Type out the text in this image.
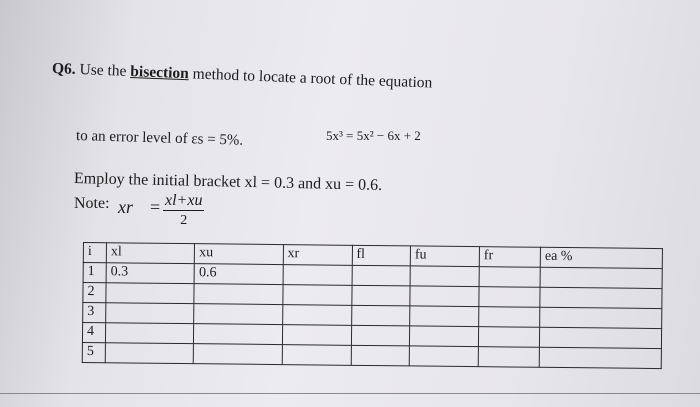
Q6. Use the bisection method to locate a root of the equation
to an error level of εs = 5%.	5x³ = 5x² − 6x + 2
Employ the initial bracket xl = 0.3 and xu = 0.6.
Note: xr = $\frac{xl+xu}{2}$
i	xl	xu	xr	fl	fu	fr	ea %
1	0.3	0.6					
2							
3							
4							
5							
